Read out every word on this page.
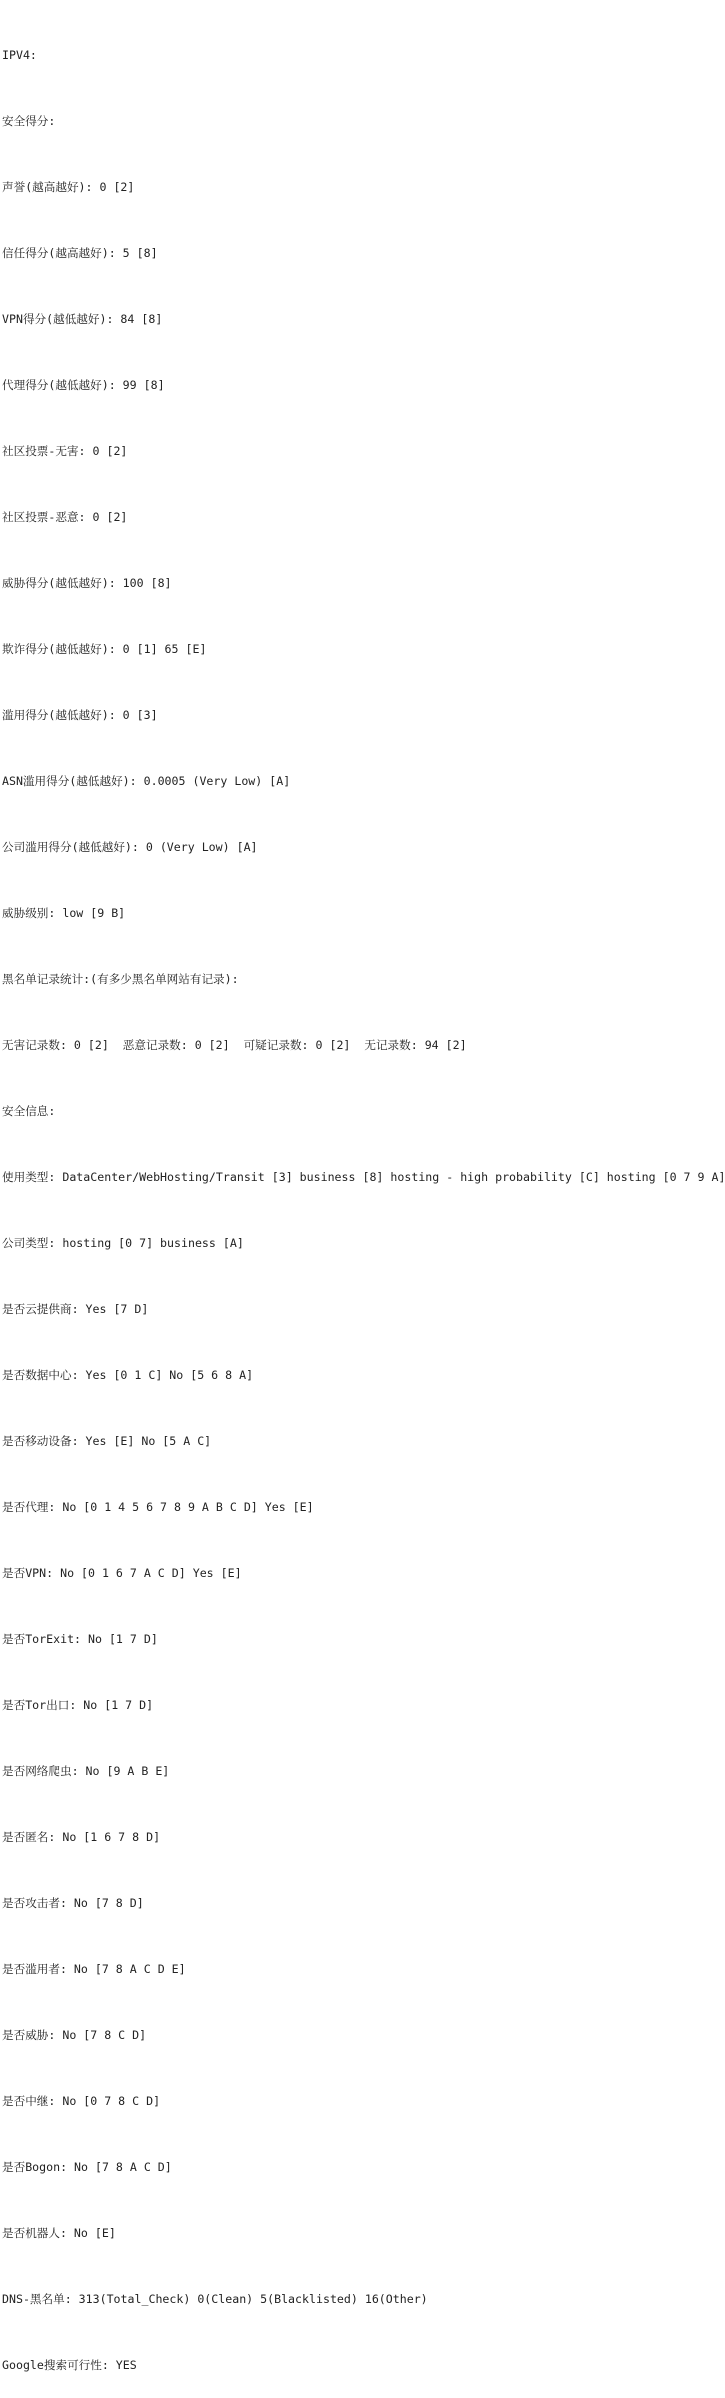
IPV4:

安全得分:

声誉(越高越好): 0 [2]

信任得分(越高越好): 5 [8]

VPN得分(越低越好): 84 [8]

代理得分(越低越好): 99 [8]

社区投票-无害: 0 [2]

社区投票-恶意: 0 [2]

威胁得分(越低越好): 100 [8]

欺诈得分(越低越好): 0 [1] 65 [E]

滥用得分(越低越好): 0 [3]

ASN滥用得分(越低越好): 0.0005 (Very Low) [A]

公司滥用得分(越低越好): 0 (Very Low) [A]

威胁级别: low [9 B]

黑名单记录统计:(有多少黑名单网站有记录):

无害记录数: 0 [2]  恶意记录数: 0 [2]  可疑记录数: 0 [2]  无记录数: 94 [2]

安全信息:

使用类型: DataCenter/WebHosting/Transit [3] business [8] hosting - high probability [C] hosting [0 7 9 A]

公司类型: hosting [0 7] business [A]

是否云提供商: Yes [7 D]

是否数据中心: Yes [0 1 C] No [5 6 8 A]

是否移动设备: Yes [E] No [5 A C]

是否代理: No [0 1 4 5 6 7 8 9 A B C D] Yes [E]

是否VPN: No [0 1 6 7 A C D] Yes [E]

是否TorExit: No [1 7 D]

是否Tor出口: No [1 7 D]

是否网络爬虫: No [9 A B E]

是否匿名: No [1 6 7 8 D]

是否攻击者: No [7 8 D]

是否滥用者: No [7 8 A C D E]

是否威胁: No [7 8 C D]

是否中继: No [0 7 8 C D]

是否Bogon: No [7 8 A C D]

是否机器人: No [E]

DNS-黑名单: 313(Total_Check) 0(Clean) 5(Blacklisted) 16(Other)

Google搜索可行性: YES
